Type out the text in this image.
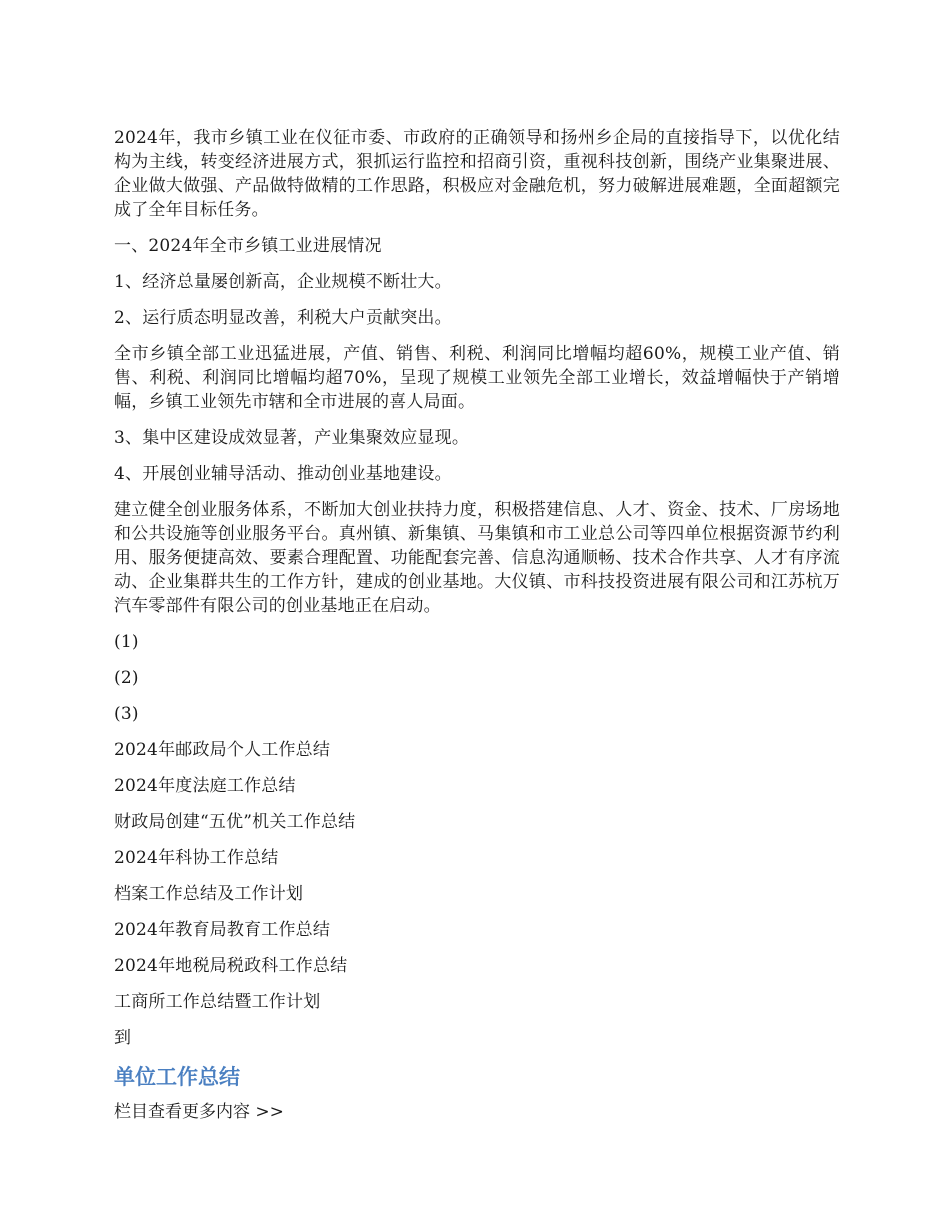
2024年，我市乡镇工业在仪征市委、市政府的正确领导和扬州乡企局的直接指导下，以优化结构为主线，转变经济进展方式，狠抓运行监控和招商引资，重视科技创新，围绕产业集聚进展、企业做大做强、产品做特做精的工作思路，积极应对金融危机，努力破解进展难题，全面超额完成了全年目标任务。

一、2024年全市乡镇工业进展情况

1、经济总量屡创新高，企业规模不断壮大。

2、运行质态明显改善，利税大户贡献突出。

全市乡镇全部工业迅猛进展，产值、销售、利税、利润同比增幅均超60%，规模工业产值、销售、利税、利润同比增幅均超70%，呈现了规模工业领先全部工业增长，效益增幅快于产销增幅，乡镇工业领先市辖和全市进展的喜人局面。

3、集中区建设成效显著，产业集聚效应显现。

4、开展创业辅导活动、推动创业基地建设。

建立健全创业服务体系，不断加大创业扶持力度，积极搭建信息、人才、资金、技术、厂房场地和公共设施等创业服务平台。真州镇、新集镇、马集镇和市工业总公司等四单位根据资源节约利用、服务便捷高效、要素合理配置、功能配套完善、信息沟通顺畅、技术合作共享、人才有序流动、企业集群共生的工作方针，建成的创业基地。大仪镇、市科技投资进展有限公司和江苏杭万汽车零部件有限公司的创业基地正在启动。

(1)

(2)

(3)

2024年邮政局个人工作总结

2024年度法庭工作总结

财政局创建“五优”机关工作总结

2024年科协工作总结

档案工作总结及工作计划

2024年教育局教育工作总结

2024年地税局税政科工作总结

工商所工作总结暨工作计划

到

单位工作总结

栏目查看更多内容 >>
